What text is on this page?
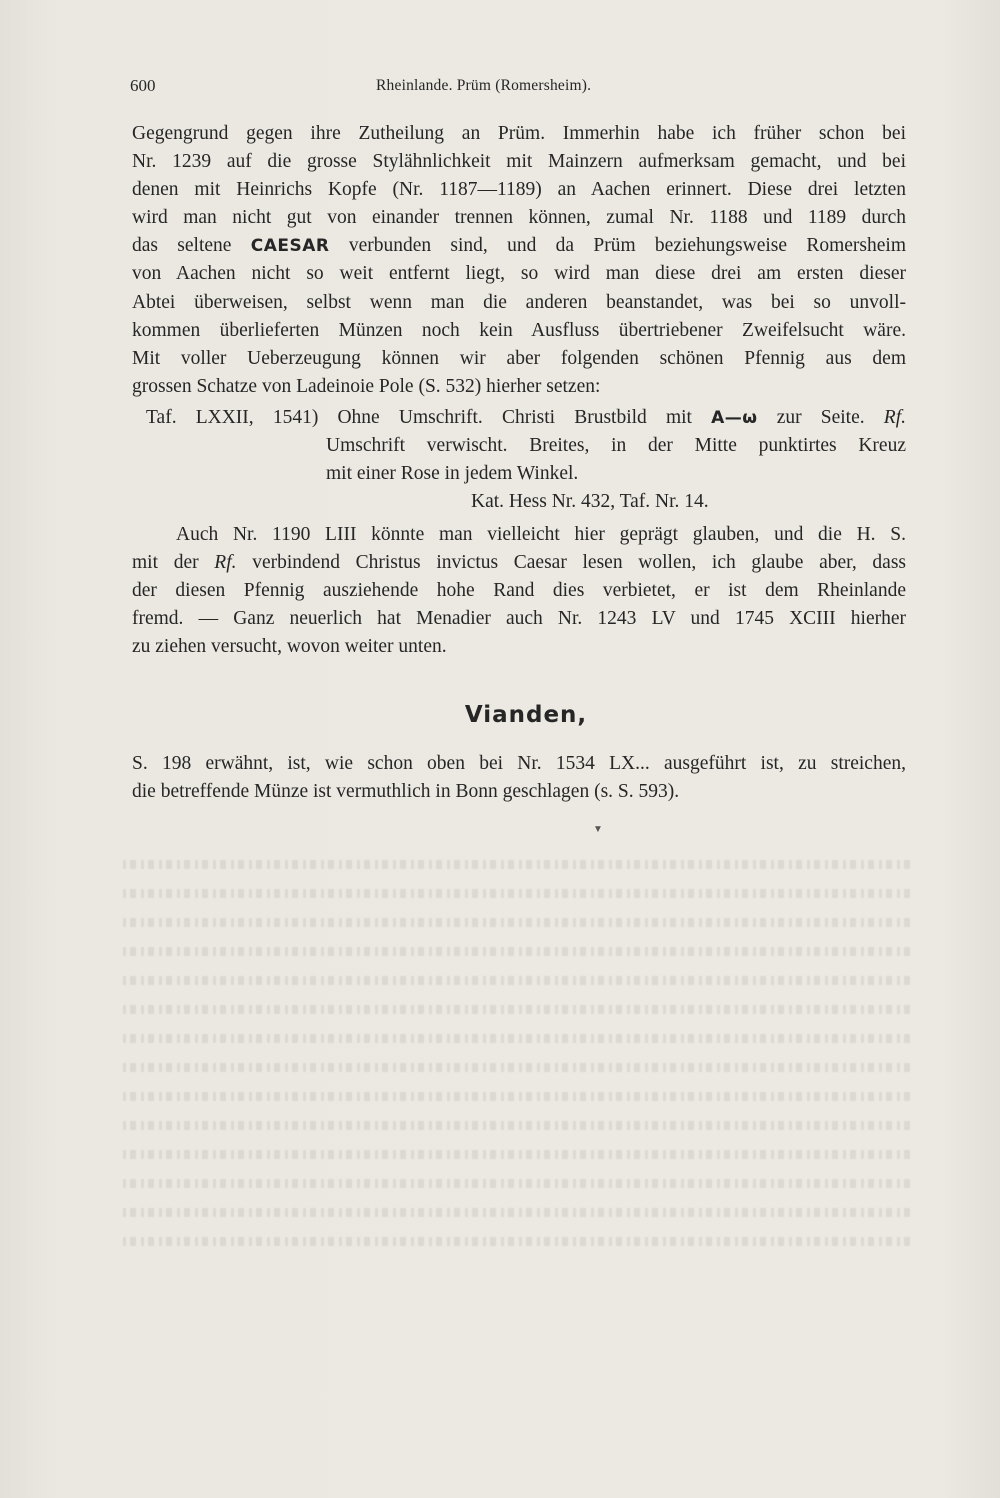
600	Rheinlande. Prüm (Romersheim).
Gegengrund gegen ihre Zutheilung an Prüm. Immerhin habe ich früher schon bei
Nr. 1239 auf die grosse Stylähnlichkeit mit Mainzern aufmerksam gemacht, und bei
denen mit Heinrichs Kopfe (Nr. 1187—1189) an Aachen erinnert. Diese drei letzten
wird man nicht gut von einander trennen können, zumal Nr. 1188 und 1189 durch
das seltene CAESAR verbunden sind, und da Prüm beziehungsweise Romersheim
von Aachen nicht so weit entfernt liegt, so wird man diese drei am ersten dieser
Abtei überweisen, selbst wenn man die anderen beanstandet, was bei so unvoll-
kommen überlieferten Münzen noch kein Ausfluss übertriebener Zweifelsucht wäre.
Mit voller Ueberzeugung können wir aber folgenden schönen Pfennig aus dem
grossen Schatze von Ladeinoie Pole (S. 532) hierher setzen:
Taf. LXXII, 1541) Ohne Umschrift. Christi Brustbild mit A—ω zur Seite. Rf.
Umschrift verwischt. Breites, in der Mitte punktirtes Kreuz
mit einer Rose in jedem Winkel.
Kat. Hess Nr. 432, Taf. Nr. 14.
Auch Nr. 1190 LIII könnte man vielleicht hier geprägt glauben, und die H. S.
mit der Rf. verbindend Christus invictus Caesar lesen wollen, ich glaube aber, dass
der diesen Pfennig ausziehende hohe Rand dies verbietet, er ist dem Rheinlande
fremd. — Ganz neuerlich hat Menadier auch Nr. 1243 LV und 1745 XCIII hierher
zu ziehen versucht, wovon weiter unten.
Vianden,
S. 198 erwähnt, ist, wie schon oben bei Nr. 1534 LX... ausgeführt ist, zu streichen,
die betreffende Münze ist vermuthlich in Bonn geschlagen (s. S. 593).
▼
